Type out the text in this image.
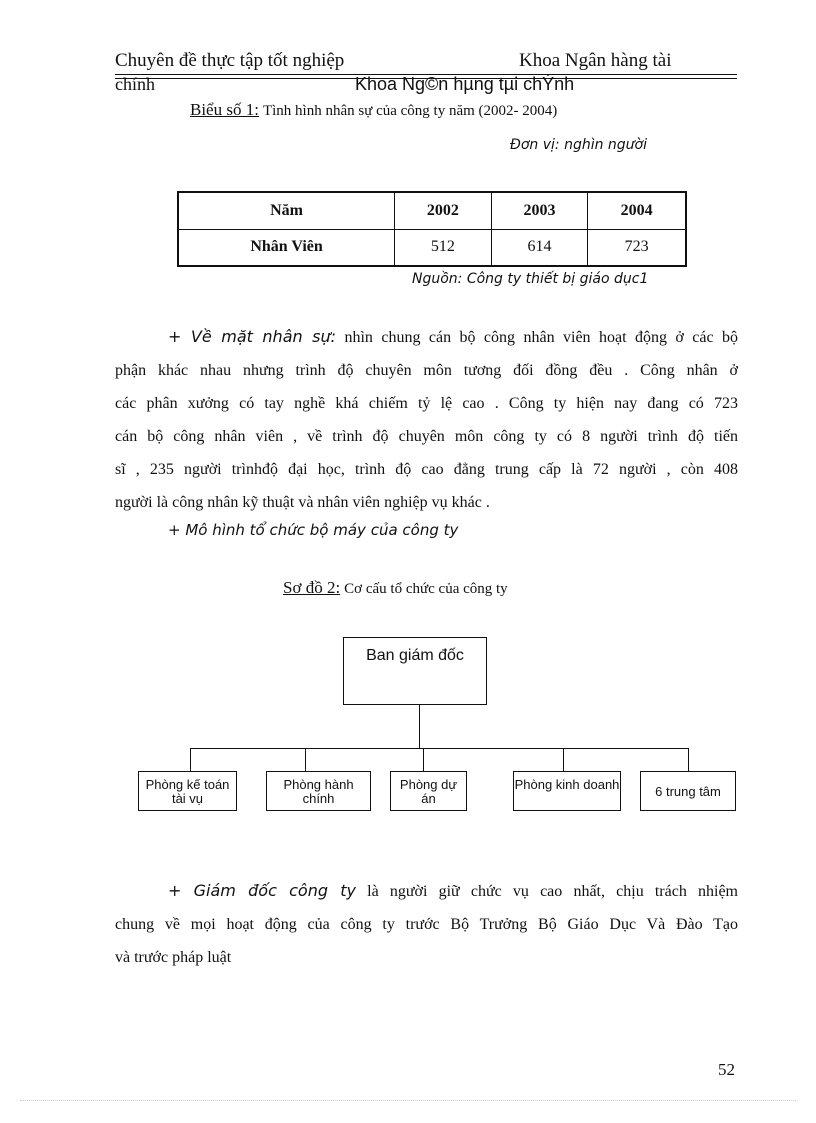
Chuyên đề thực tập tốt nghiệp	Khoa Ngân hàng tài
chính	Khoa Ng©n hµng tµi chÝnh
Biểu số 1: Tình hình nhân sự của công ty năm (2002- 2004)
Đơn vị: nghìn người
Năm	2002	2003	2004
Nhân Viên	512	614	723
Nguồn: Công ty thiết bị giáo dục1
+ Về mặt nhân sự: nhìn chung cán bộ công nhân viên hoạt động ở các bộ
phận khác nhau nhưng trình độ chuyên môn tương đối đồng đều . Công nhân ở
các phân xưởng có tay nghề khá chiếm tỷ lệ cao . Công ty hiện nay đang có 723
cán bộ công nhân viên , về trình độ chuyên môn công ty có 8 người trình độ tiến
sĩ , 235 người trìnhđộ đại học, trình độ cao đẳng trung cấp là 72 người , còn 408
người là công nhân kỹ thuật và nhân viên nghiệp vụ khác .
+ Mô hình tổ chức bộ máy của công ty
Sơ đồ 2: Cơ cấu tổ chức của công ty
Ban giám đốc
Phòng kế toán tài vụ
Phòng hành chính
Phòng dự án
Phòng kinh doanh	6 trung tâm
* Ban giám đốc gồm: Giám đốc , Phó giám đốc, Trưởng các đơn vị
trực	thuộc	công	ty.
+ Giám đốc công ty là người giữ chức vụ cao nhất, chịu trách nhiệm
chung về mọi hoạt động của công ty trước Bộ Trưởng Bộ Giáo Dục Và Đào Tạo
và trước pháp luật
52
